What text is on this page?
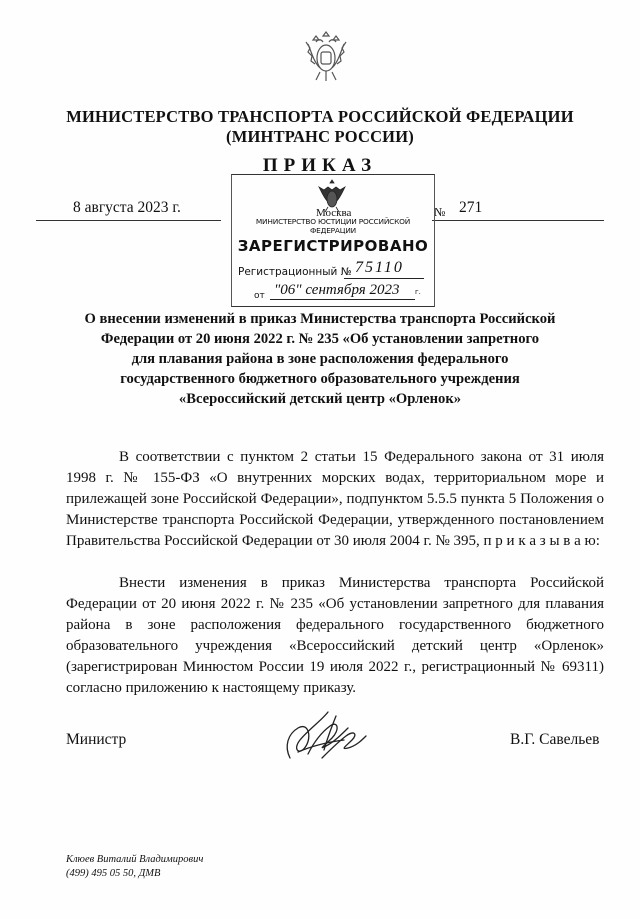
МИНИСТЕРСТВО ТРАНСПОРТА РОССИЙСКОЙ ФЕДЕРАЦИИ
(МИНТРАНС РОССИИ)
ПРИКАЗ
8 августа 2023 г.	№ 271
Москва
МИНИСТЕРСТВО ЮСТИЦИИ РОССИЙСКОЙ ФЕДЕРАЦИИ
ЗАРЕГИСТРИРОВАНО
Регистрационный № 75110
от "06" сентября 2023 г.
О внесении изменений в приказ Министерства транспорта Российской
Федерации от 20 июня 2022 г. № 235 «Об установлении запретного
для плавания района в зоне расположения федерального
государственного бюджетного образовательного учреждения
«Всероссийский детский центр «Орленок»

В соответствии с пунктом 2 статьи 15 Федерального закона от 31 июля 1998 г. № 155-ФЗ «О внутренних морских водах, территориальном море и прилежащей зоне Российской Федерации», подпунктом 5.5.5 пункта 5 Положения о Министерстве транспорта Российской Федерации, утвержденного постановлением Правительства Российской Федерации от 30 июля 2004 г. № 395, п р и к а з ы в а ю:

Внести изменения в приказ Министерства транспорта Российской Федерации от 20 июня 2022 г. № 235 «Об установлении запретного для плавания района в зоне расположения федерального государственного бюджетного образовательного учреждения «Всероссийский детский центр «Орленок» (зарегистрирован Минюстом России 19 июля 2022 г., регистрационный № 69311) согласно приложению к настоящему приказу.

Министр	В.Г. Савельев
Клюев Виталий Владимирович
(499) 495 05 50, ДМВ
